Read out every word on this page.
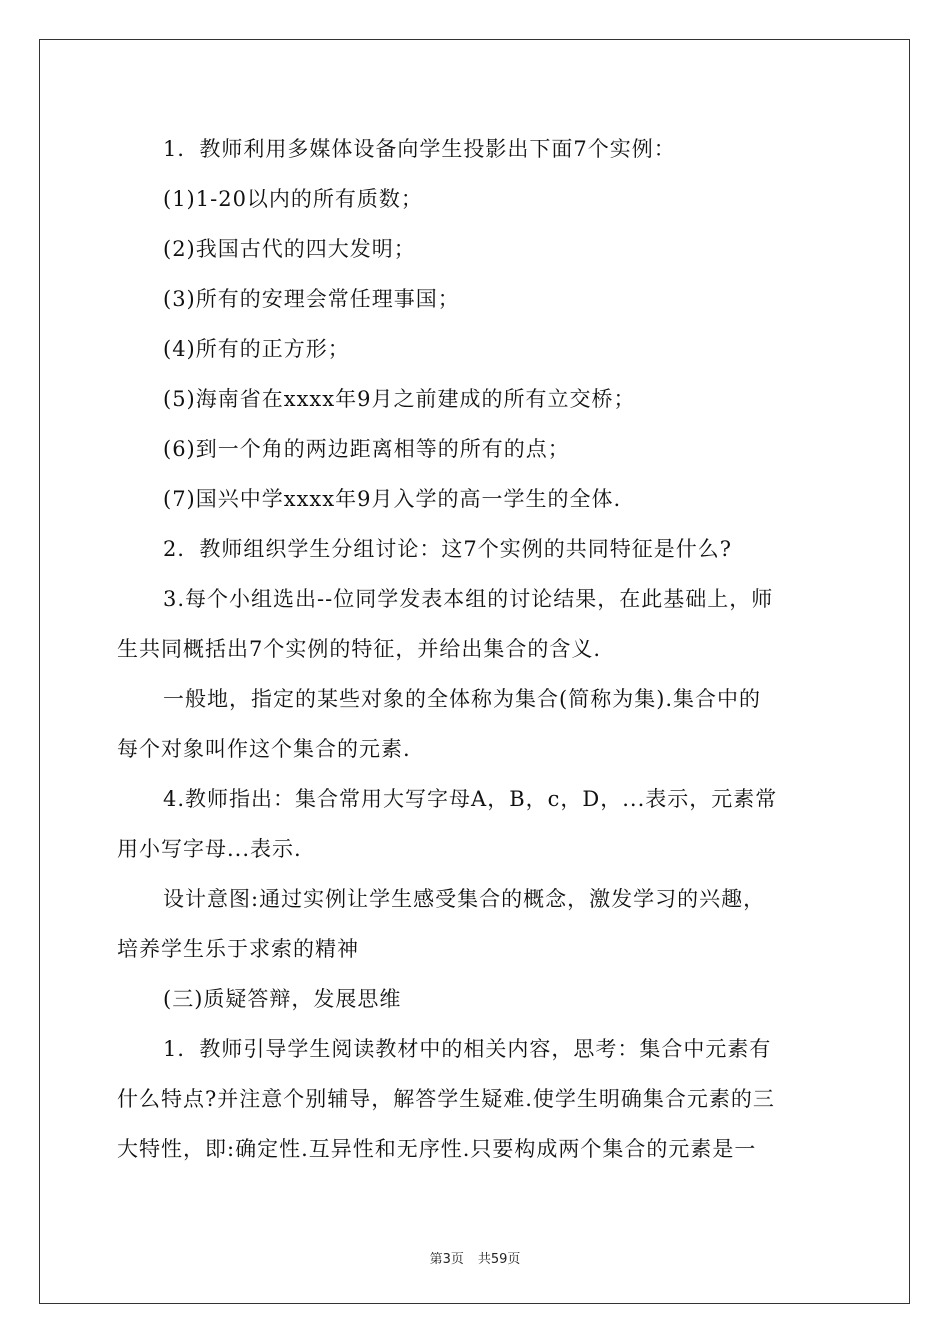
1．教师利用多媒体设备向学生投影出下面7个实例：
(1)1-20以内的所有质数；
(2)我国古代的四大发明；
(3)所有的安理会常任理事国；
(4)所有的正方形；
(5)海南省在xxxx年9月之前建成的所有立交桥；
(6)到一个角的两边距离相等的所有的点；
(7)国兴中学xxxx年9月入学的高一学生的全体.
2．教师组织学生分组讨论：这7个实例的共同特征是什么?
3.每个小组选出--位同学发表本组的讨论结果，在此基础上，师
生共同概括出7个实例的特征，并给出集合的含义.
一般地，指定的某些对象的全体称为集合(简称为集).集合中的
每个对象叫作这个集合的元素.
4.教师指出：集合常用大写字母A，B，c，D，...表示，元素常
用小写字母...表示.
设计意图:通过实例让学生感受集合的概念，激发学习的兴趣，
培养学生乐于求索的精神
(三)质疑答辩，发展思维
1．教师引导学生阅读教材中的相关内容，思考：集合中元素有
什么特点?并注意个别辅导，解答学生疑难.使学生明确集合元素的三
大特性，即:确定性.互异性和无序性.只要构成两个集合的元素是一
第3页 共59页
